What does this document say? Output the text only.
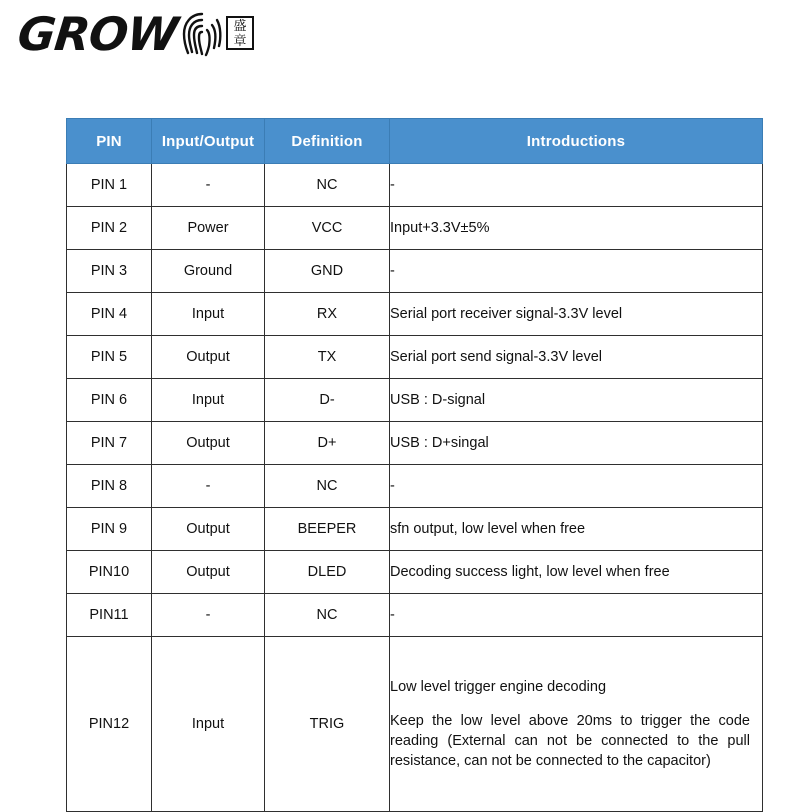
GROW	盛章
PIN	Input/Output	Definition	Introductions
PIN 1	-	NC	-
PIN 2	Power	VCC	Input+3.3V±5%
PIN 3	Ground	GND	-
PIN 4	Input	RX	Serial port receiver signal-3.3V level
PIN 5	Output	TX	Serial port send signal-3.3V level
PIN 6	Input	D-	USB : D-signal
PIN 7	Output	D+	USB : D+singal
PIN 8	-	NC	-
PIN 9	Output	BEEPER	sfn output, low level when free
PIN10	Output	DLED	Decoding success light, low level when free
PIN11	-	NC	-
PIN12	Input	TRIG	Low level trigger engine decoding

Keep the low level above 20ms to trigger the code reading (External can not be connected to the pull resistance, can not be connected to the capacitor)
